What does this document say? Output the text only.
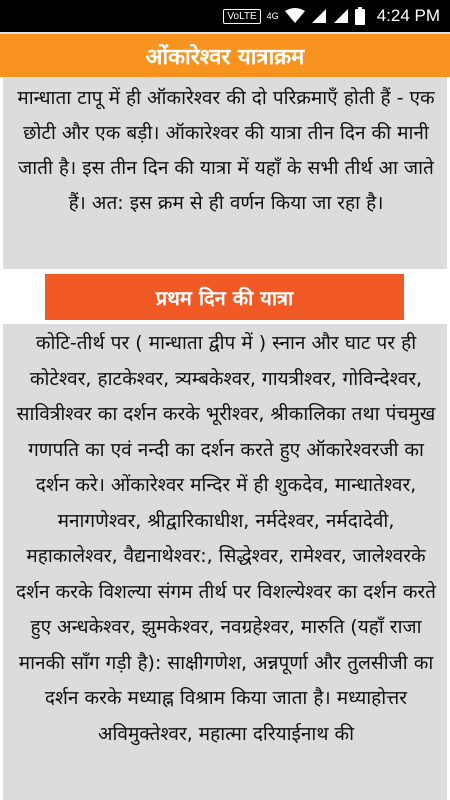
VoLTE	4G	4:24 PM
ओंकारेश्वर यात्राक्रम

मान्धाता टापू में ही ऑकारेश्वर की दो परिक्रमाएँ होती हैं - एक छोटी और एक बड़ी। ऑकारेश्वर की यात्रा तीन दिन की मानी जाती है। इस तीन दिन की यात्रा में यहाँ के सभी तीर्थ आ जाते हैं। अत: इस क्रम से ही वर्णन किया जा रहा है।

प्रथम दिन की यात्रा

कोटि-तीर्थ पर ( मान्धाता द्वीप में ) स्नान और घाट पर ही कोटेश्वर, हाटकेश्वर, त्र्यम्बकेश्वर, गायत्रीश्वर, गोविन्देश्वर, सावित्रीश्वर का दर्शन करके भूरीश्वर, श्रीकालिका तथा पंचमुख गणपति का एवं नन्दी का दर्शन करते हुए ऑकारेश्वरजी का दर्शन करे। ओंकारेश्वर मन्दिर में ही शुकदेव, मान्धातेश्वर, मनागणेश्वर, श्रीद्वारिकाधीश, नर्मदेश्वर, नर्मदादेवी, महाकालेश्वर, वैद्यनाथेश्वर:, सिद्धेश्वर, रामेश्वर, जालेश्वरके दर्शन करके विशल्या संगम तीर्थ पर विशल्येश्वर का दर्शन करते हुए अन्धकेश्वर, झुमकेश्वर, नवग्रहेश्वर, मारुति (यहाँ राजा मानकी साँग गड़ी है): साक्षीगणेश, अन्नपूर्णा और तुलसीजी का दर्शन करके मध्याह्न विश्राम किया जाता है। मध्याहोत्तर अविमुक्तेश्वर, महात्मा दरियाईनाथ की
